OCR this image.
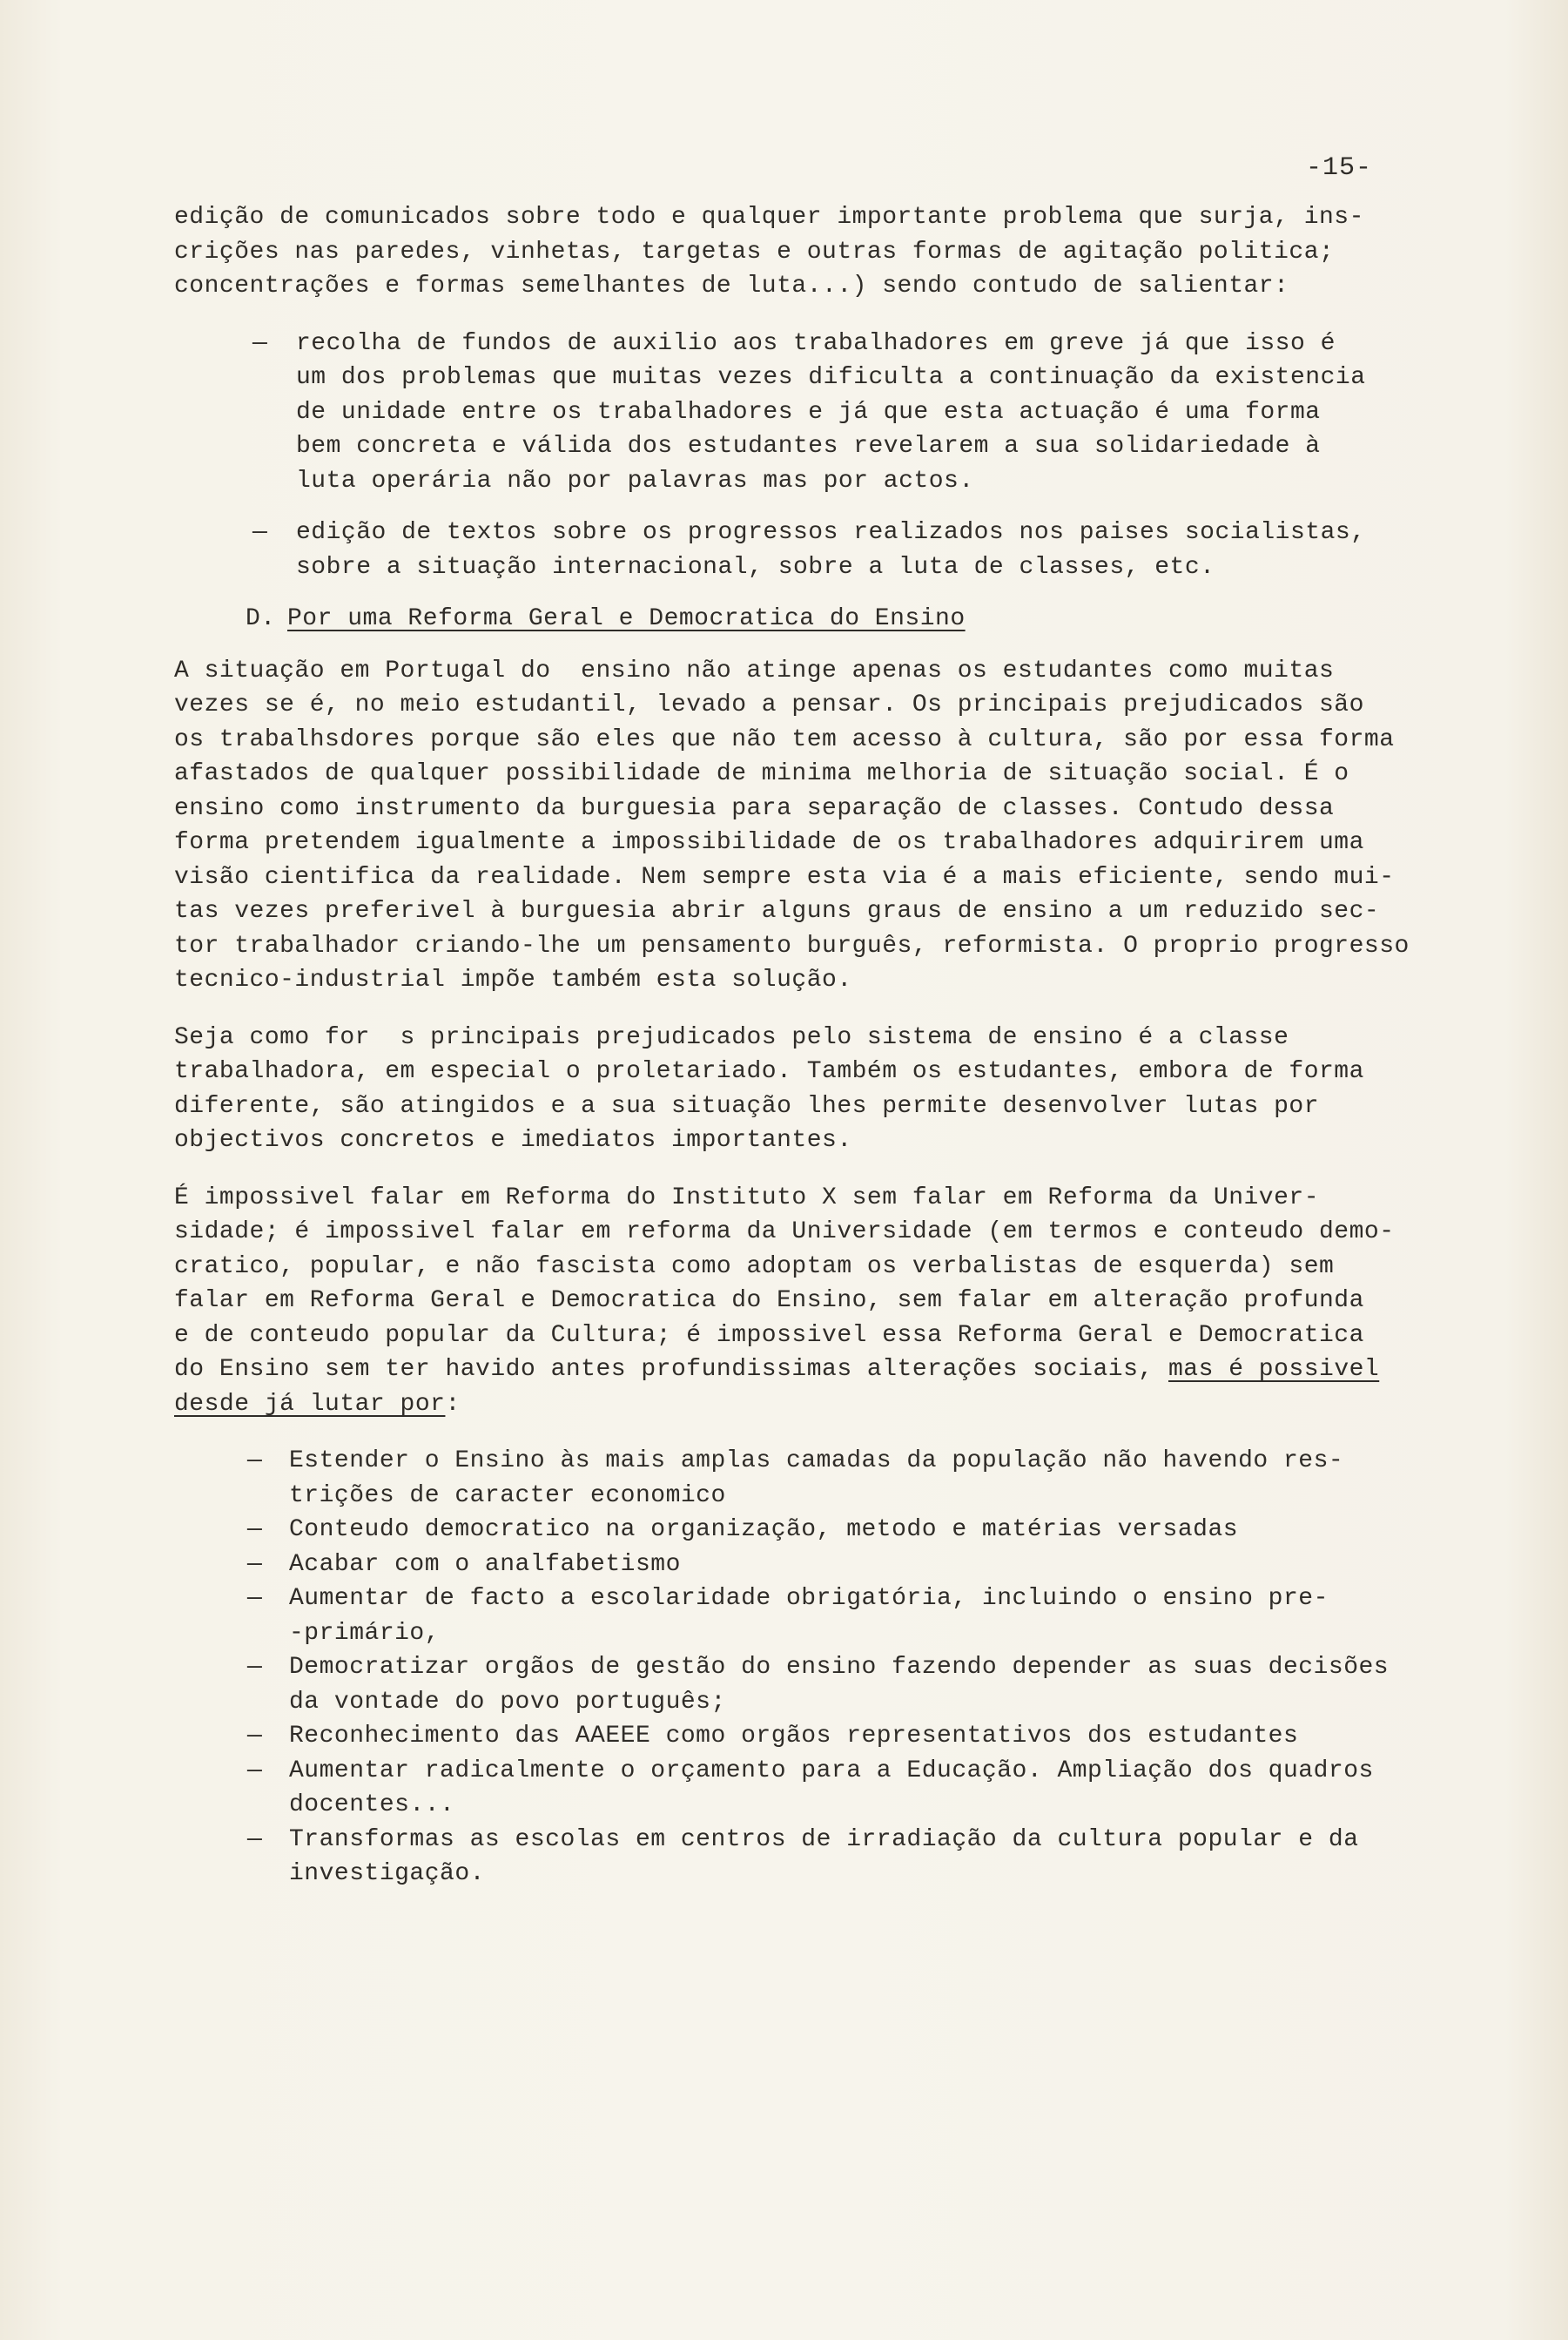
-15-
edição de comunicados sobre todo e qualquer importante problema que surja, ins-
crições nas paredes, vinhetas, targetas e outras formas de agitação politica;
concentrações e formas semelhantes de luta...) sendo contudo de salientar:
— recolha de fundos de auxilio aos trabalhadores em greve já que isso é
um dos problemas que muitas vezes dificulta a continuação da existencia
de unidade entre os trabalhadores e já que esta actuação é uma forma
bem concreta e válida dos estudantes revelarem a sua solidariedade à
luta operária não por palavras mas por actos.
— edição de textos sobre os progressos realizados nos paises socialistas,
sobre a situação internacional, sobre a luta de classes, etc.
D. Por uma Reforma Geral e Democratica do Ensino
A situação em Portugal do  ensino não atinge apenas os estudantes como muitas
vezes se é, no meio estudantil, levado a pensar. Os principais prejudicados são
os trabalhsdores porque são eles que não tem acesso à cultura, são por essa forma
afastados de qualquer possibilidade de minima melhoria de situação social. É o
ensino como instrumento da burguesia para separação de classes. Contudo dessa
forma pretendem igualmente a impossibilidade de os trabalhadores adquirirem uma
visão cientifica da realidade. Nem sempre esta via é a mais eficiente, sendo mui-
tas vezes preferivel à burguesia abrir alguns graus de ensino a um reduzido sec-
tor trabalhador criando-lhe um pensamento burguês, reformista. O proprio progresso
tecnico-industrial impõe também esta solução.
Seja como for  s principais prejudicados pelo sistema de ensino é a classe
trabalhadora, em especial o proletariado. Também os estudantes, embora de forma
diferente, são atingidos e a sua situação lhes permite desenvolver lutas por
objectivos concretos e imediatos importantes.
É impossivel falar em Reforma do Instituto X sem falar em Reforma da Univer-
sidade; é impossivel falar em reforma da Universidade (em termos e conteudo demo-
cratico, popular, e não fascista como adoptam os verbalistas de esquerda) sem
falar em Reforma Geral e Democratica do Ensino, sem falar em alteração profunda
e de conteudo popular da Cultura; é impossivel essa Reforma Geral e Democratica
do Ensino sem ter havido antes profundissimas alterações sociais, mas é possivel
desde já lutar por:
— Estender o Ensino às mais amplas camadas da população não havendo res-
trições de caracter economico
— Conteudo democratico na organização, metodo e matérias versadas
— Acabar com o analfabetismo
— Aumentar de facto a escolaridade obrigatória, incluindo o ensino pre-
-primário,
— Democratizar orgãos de gestão do ensino fazendo depender as suas decisões
da vontade do povo português;
— Reconhecimento das AAEEE como orgãos representativos dos estudantes
— Aumentar radicalmente o orçamento para a Educação. Ampliação dos quadros
docentes...
— Transformas as escolas em centros de irradiação da cultura popular e da
investigação.
